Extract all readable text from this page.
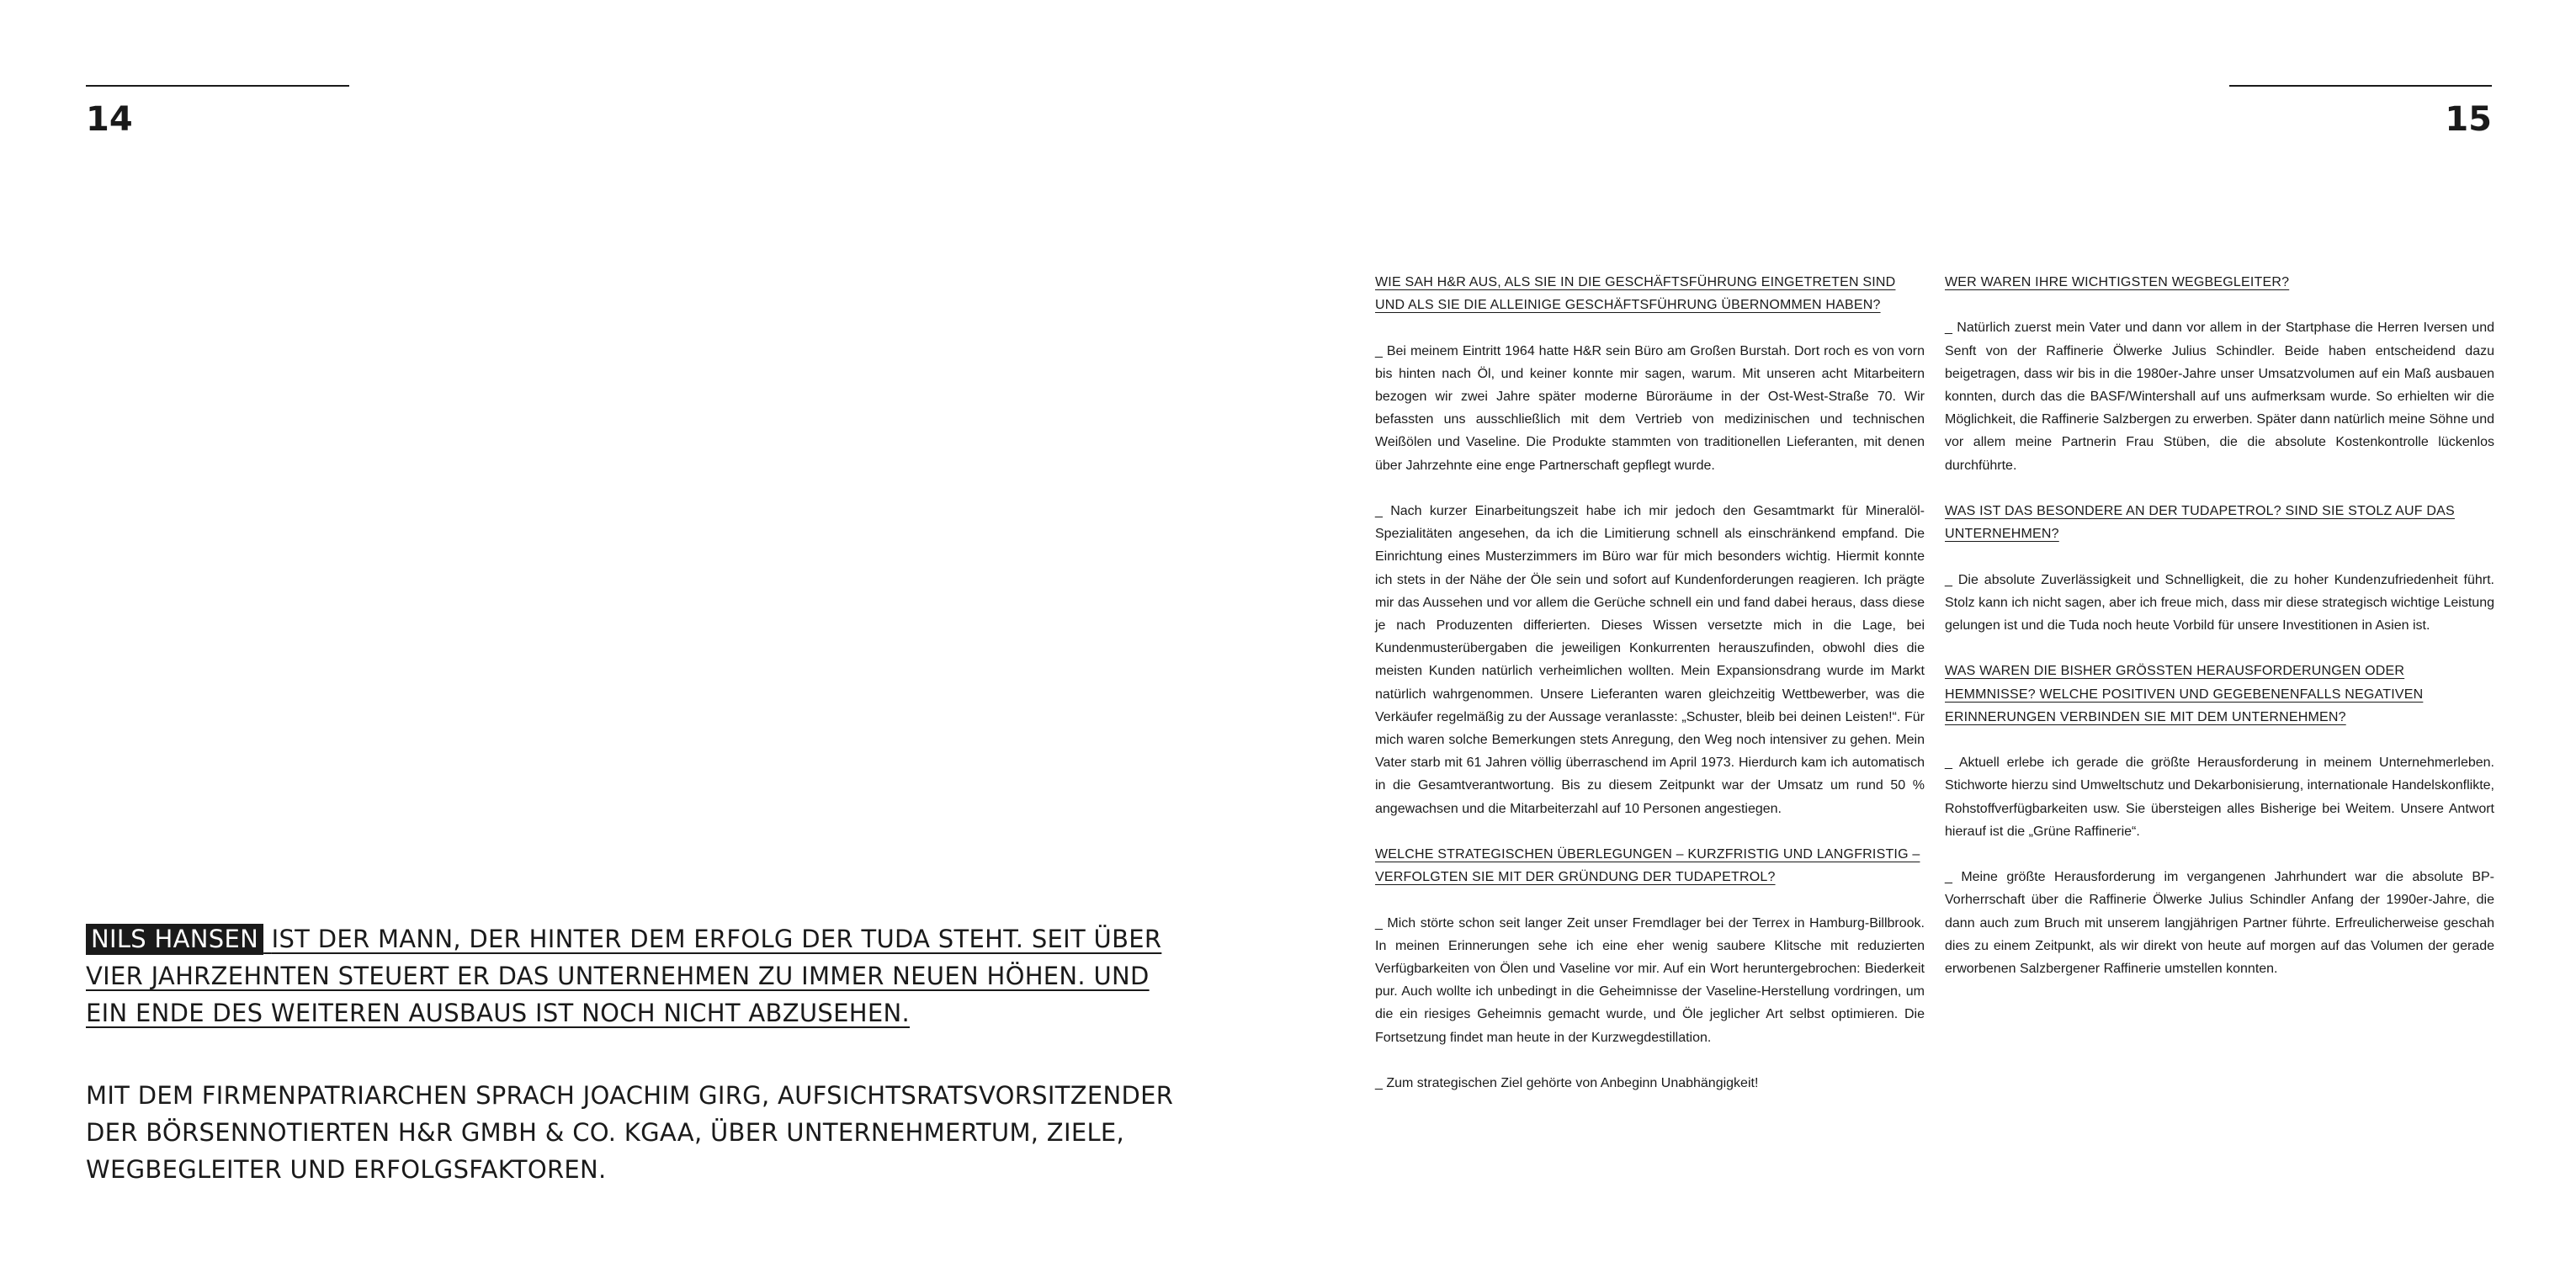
14	15
NILS HANSEN IST DER MANN, DER HINTER DEM ERFOLG DER TUDA STEHT. SEIT ÜBER VIER JAHRZEHNTEN STEUERT ER DAS UNTERNEHMEN ZU IMMER NEUEN HÖHEN. UND EIN ENDE DES WEITEREN AUSBAUS IST NOCH NICHT ABZUSEHEN.
MIT DEM FIRMENPATRIARCHEN SPRACH JOACHIM GIRG, AUFSICHTSRATSVORSITZENDER DER BÖRSENNOTIERTEN H&R GMBH & CO. KGAA, ÜBER UNTERNEHMERTUM, ZIELE, WEGBEGLEITER UND ERFOLGSFAKTOREN.
WIE SAH H&R AUS, ALS SIE IN DIE GESCHÄFTSFÜHRUNG EINGETRETEN SIND UND ALS SIE DIE ALLEINIGE GESCHÄFTSFÜHRUNG ÜBERNOMMEN HABEN?

_ Bei meinem Eintritt 1964 hatte H&R sein Büro am Großen Burstah. Dort roch es von vorn bis hinten nach Öl, und keiner konnte mir sagen, warum. Mit unseren acht Mitarbeitern bezogen wir zwei Jahre später moderne Büroräume in der Ost-West-Straße 70. Wir befassten uns ausschließlich mit dem Vertrieb von medizinischen und technischen Weißölen und Vaseline. Die Produkte stammten von traditionellen Lieferanten, mit denen über Jahrzehnte eine enge Partnerschaft gepflegt wurde.

_ Nach kurzer Einarbeitungszeit habe ich mir jedoch den Gesamtmarkt für Mineralöl-Spezialitäten angesehen, da ich die Limitierung schnell als einschränkend empfand. Die Einrichtung eines Musterzimmers im Büro war für mich besonders wichtig. Hiermit konnte ich stets in der Nähe der Öle sein und sofort auf Kundenforderungen reagieren. Ich prägte mir das Aussehen und vor allem die Gerüche schnell ein und fand dabei heraus, dass diese je nach Produzenten differierten. Dieses Wissen versetzte mich in die Lage, bei Kundenmusterübergaben die jeweiligen Konkurrenten herauszufinden, obwohl dies die meisten Kunden natürlich verheimlichen wollten. Mein Expansionsdrang wurde im Markt natürlich wahrgenommen. Unsere Lieferanten waren gleichzeitig Wettbewerber, was die Verkäufer regelmäßig zu der Aussage veranlasste: „Schuster, bleib bei deinen Leisten!“. Für mich waren solche Bemerkungen stets Anregung, den Weg noch intensiver zu gehen. Mein Vater starb mit 61 Jahren völlig überraschend im April 1973. Hierdurch kam ich automatisch in die Gesamtverantwortung. Bis zu diesem Zeitpunkt war der Umsatz um rund 50 % angewachsen und die Mitarbeiterzahl auf 10 Personen angestiegen.

WELCHE STRATEGISCHEN ÜBERLEGUNGEN – KURZFRISTIG UND LANGFRISTIG – VERFOLGTEN SIE MIT DER GRÜNDUNG DER TUDAPETROL?

_ Mich störte schon seit langer Zeit unser Fremdlager bei der Terrex in Hamburg-Billbrook. In meinen Erinnerungen sehe ich eine eher wenig saubere Klitsche mit reduzierten Verfügbarkeiten von Ölen und Vaseline vor mir. Auf ein Wort heruntergebrochen: Biederkeit pur. Auch wollte ich unbedingt in die Geheimnisse der Vaseline-Herstellung vordringen, um die ein riesiges Geheimnis gemacht wurde, und Öle jeglicher Art selbst optimieren. Die Fortsetzung findet man heute in der Kurzwegdestillation.

_ Zum strategischen Ziel gehörte von Anbeginn Unabhängigkeit!

WER WAREN IHRE WICHTIGSTEN WEGBEGLEITER?

_ Natürlich zuerst mein Vater und dann vor allem in der Startphase die Herren Iversen und Senft von der Raffinerie Ölwerke Julius Schindler. Beide haben entscheidend dazu beigetragen, dass wir bis in die 1980er-Jahre unser Umsatzvolumen auf ein Maß ausbauen konnten, durch das die BASF/Wintershall auf uns aufmerksam wurde. So erhielten wir die Möglichkeit, die Raffinerie Salzbergen zu erwerben. Später dann natürlich meine Söhne und vor allem meine Partnerin Frau Stüben, die die absolute Kostenkontrolle lückenlos durchführte.

WAS IST DAS BESONDERE AN DER TUDAPETROL? SIND SIE STOLZ AUF DAS UNTERNEHMEN?

_ Die absolute Zuverlässigkeit und Schnelligkeit, die zu hoher Kundenzufriedenheit führt. Stolz kann ich nicht sagen, aber ich freue mich, dass mir diese strategisch wichtige Leistung gelungen ist und die Tuda noch heute Vorbild für unsere Investitionen in Asien ist.

WAS WAREN DIE BISHER GRÖSSTEN HERAUSFORDERUNGEN ODER HEMMNISSE? WELCHE POSITIVEN UND GEGEBENENFALLS NEGATIVEN ERINNERUNGEN VERBINDEN SIE MIT DEM UNTERNEHMEN?

_ Aktuell erlebe ich gerade die größte Herausforderung in meinem Unternehmerleben. Stichworte hierzu sind Umweltschutz und Dekarbonisierung, internationale Handelskonflikte, Rohstoffverfügbarkeiten usw. Sie übersteigen alles Bisherige bei Weitem. Unsere Antwort hierauf ist die „Grüne Raffinerie“.

_ Meine größte Herausforderung im vergangenen Jahrhundert war die absolute BP-Vorherrschaft über die Raffinerie Ölwerke Julius Schindler Anfang der 1990er-Jahre, die dann auch zum Bruch mit unserem langjährigen Partner führte. Erfreulicherweise geschah dies zu einem Zeitpunkt, als wir direkt von heute auf morgen auf das Volumen der gerade erworbenen Salzbergener Raffinerie umstellen konnten.
